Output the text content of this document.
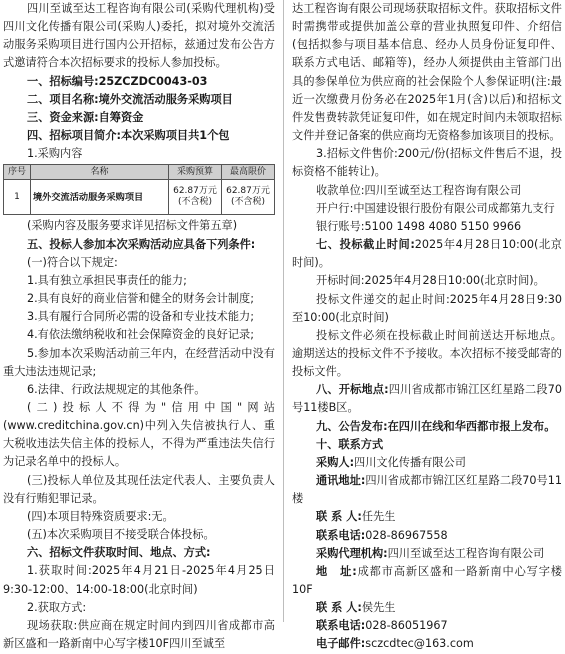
四川至诚至达工程咨询有限公司(采购代理机构)受四川文化传播有限公司(采购人)委托，拟对境外交流活动服务采购项目进行国内公开招标，兹通过发布公告方式邀请符合本次招标要求的投标人参加投标。

一、招标编号:25ZCZDC0043-03

二、项目名称:境外交流活动服务采购项目

三、资金来源:自筹资金

四、招标项目简介:本次采购项目共1个包

1.采购内容

序号	名称	采购预算	最高限价
1	境外交流活动服务采购项目	62.87万元(不含税)	62.87万元(不含税)

(采购内容及服务要求详见招标文件第五章)

五、投标人参加本次采购活动应具备下列条件:

(一)符合以下规定:

1.具有独立承担民事责任的能力;

2.具有良好的商业信誉和健全的财务会计制度;

3.具有履行合同所必需的设备和专业技术能力;

4.有依法缴纳税收和社会保障资金的良好记录;

5.参加本次采购活动前三年内，在经营活动中没有重大违法违规记录;

6.法律、行政法规规定的其他条件。

(二)投标人不得为"信用中国"网站(www.creditchina.gov.cn)中列入失信被执行人、重大税收违法失信主体的投标人，不得为严重违法失信行为记录名单中的投标人。

(三)投标人单位及其现任法定代表人、主要负责人没有行贿犯罪记录。

(四)本项目特殊资质要求:无。

(五)本次采购项目不接受联合体投标。

六、招标文件获取时间、地点、方式:

1.获取时间:2025年4月21日-2025年4月25日9:30-12:00、14:00-18:00(北京时间)

2.获取方式:

现场获取:供应商在规定时间内到四川省成都市高新区盛和一路新南中心写字楼10F四川至诚至

达工程咨询有限公司现场获取招标文件。获取招标文件时需携带或提供加盖公章的营业执照复印件、介绍信(包括拟参与项目基本信息、经办人员身份证复印件、联系方式电话、邮箱等)，经办人须提供由主管部门出具的参保单位为供应商的社会保险个人参保证明(注:最近一次缴费月份务必在2025年1月(含)以后)和招标文件发售费转款凭证复印件，如在规定时间内未领取招标文件并登记备案的供应商均无资格参加该项目的投标。

3.招标文件售价:200元/份(招标文件售后不退，投标资格不能转让)。

收款单位:四川至诚至达工程咨询有限公司

开户行:中国建设银行股份有限公司成都第九支行

银行账号:5100 1498 4080 5150 9966

七、投标截止时间:2025年4月28日10:00(北京时间)。

开标时间:2025年4月28日10:00(北京时间)。

投标文件递交的起止时间:2025年4月28日9:30至10:00(北京时间)

投标文件必须在投标截止时间前送达开标地点。逾期送达的投标文件不予接收。本次招标不接受邮寄的投标文件。

八、开标地点:四川省成都市锦江区红星路二段70号11楼B区。

九、公告发布:在四川在线和华西都市报上发布。

十、联系方式

采购人:四川文化传播有限公司

通讯地址:四川省成都市锦江区红星路二段70号11楼

联 系 人:任先生

联系电话:028-86967558

采购代理机构:四川至诚至达工程咨询有限公司

地　址:成都市高新区盛和一路新南中心写字楼10F

联 系 人:侯先生

联系电话:028-86051967

电子邮件:sczcdtec@163.com
